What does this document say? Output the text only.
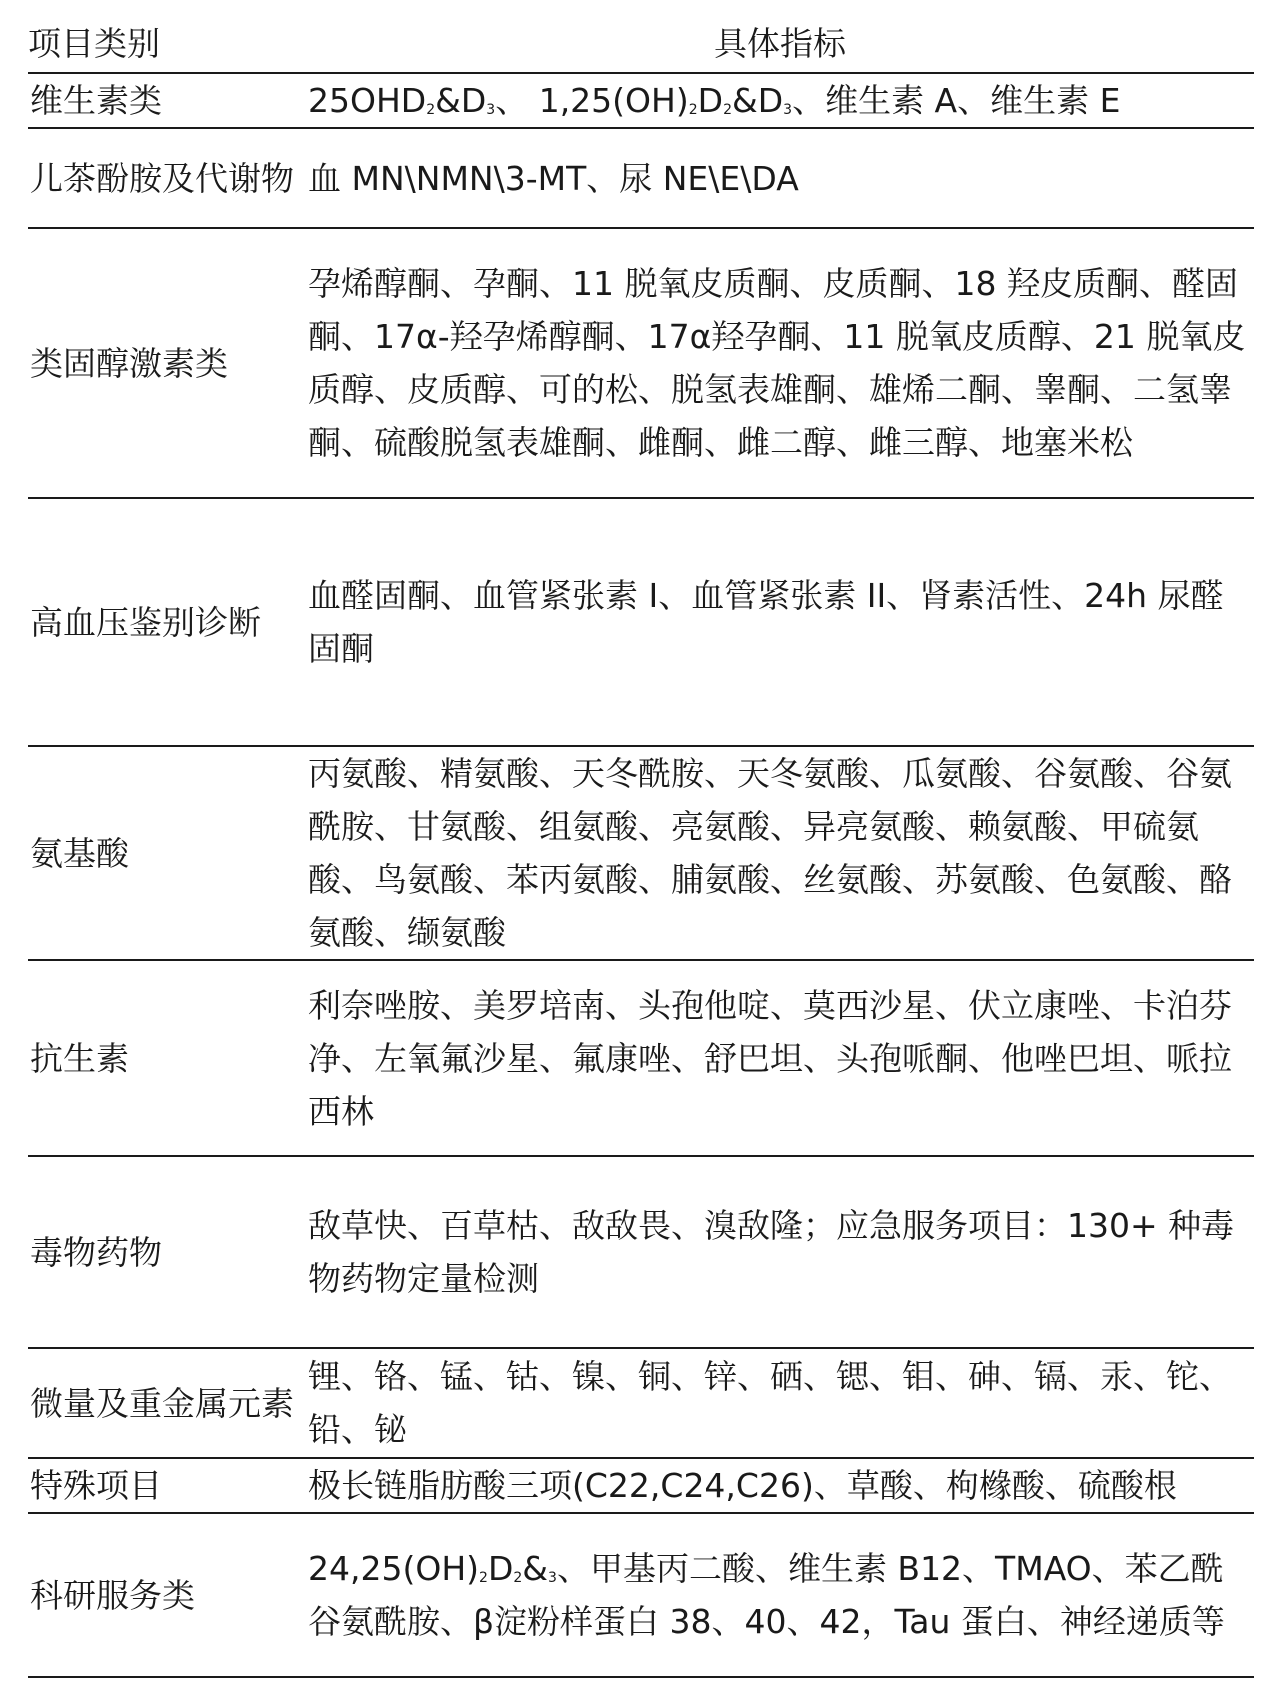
项目类别	具体指标
维生素类	$25OHD_2\&D_3$、 $1,25(OH)_2D_2\&D_3$、维生素 A、维生素 E
儿茶酚胺及代谢物	血 MN\NMN\3-MT、尿 NE\E\DA
类固醇激素类	孕烯醇酮、孕酮、11 脱氧皮质酮、皮质酮、18 羟皮质酮、醛固酮、17α-羟孕烯醇酮、17α羟孕酮、11 脱氧皮质醇、21 脱氧皮质醇、皮质醇、可的松、脱氢表雄酮、雄烯二酮、睾酮、二氢睾酮、硫酸脱氢表雄酮、雌酮、雌二醇、雌三醇、地塞米松
高血压鉴别诊断	血醛固酮、血管紧张素 I、血管紧张素 II、肾素活性、24h 尿醛固酮
氨基酸	丙氨酸、精氨酸、天冬酰胺、天冬氨酸、瓜氨酸、谷氨酸、谷氨酰胺、甘氨酸、组氨酸、亮氨酸、异亮氨酸、赖氨酸、甲硫氨酸、鸟氨酸、苯丙氨酸、脯氨酸、丝氨酸、苏氨酸、色氨酸、酪氨酸、缬氨酸
抗生素	利奈唑胺、美罗培南、头孢他啶、莫西沙星、伏立康唑、卡泊芬净、左氧氟沙星、氟康唑、舒巴坦、头孢哌酮、他唑巴坦、哌拉西林
毒物药物	敌草快、百草枯、敌敌畏、溴敌隆；应急服务项目：130+ 种毒物药物定量检测
微量及重金属元素	锂、铬、锰、钴、镍、铜、锌、硒、锶、钼、砷、镉、汞、铊、铅、铋
特殊项目	极长链脂肪酸三项(C22,C24,C26)、草酸、枸橼酸、硫酸根
科研服务类	$24,25(OH)_2D_2\&_3$、甲基丙二酸、维生素 B12、TMAO、苯乙酰谷氨酰胺、β淀粉样蛋白 38、40、42，Tau 蛋白、神经递质等
